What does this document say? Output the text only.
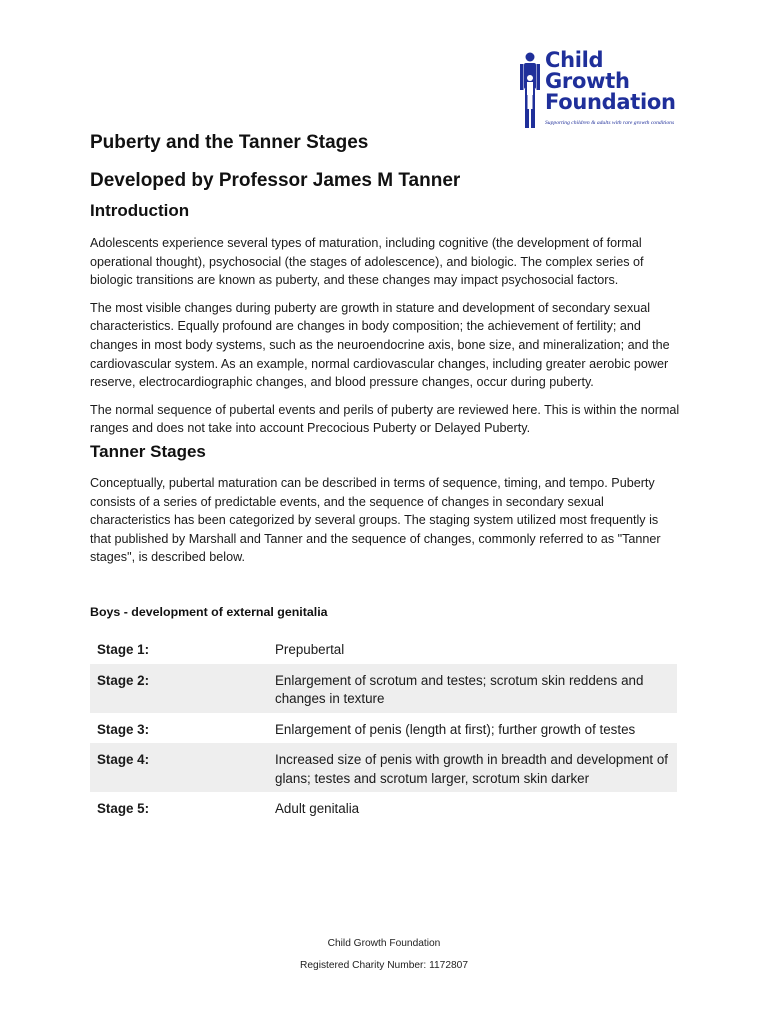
Child
Growth
Foundation
Supporting children & adults with rare growth conditions
Puberty and the Tanner Stages
Developed by Professor James M Tanner
Introduction

Adolescents experience several types of maturation, including cognitive (the development of formal operational thought), psychosocial (the stages of adolescence), and biologic. The complex series of biologic transitions are known as puberty, and these changes may impact psychosocial factors.

The most visible changes during puberty are growth in stature and development of secondary sexual characteristics. Equally profound are changes in body composition; the achievement of fertility; and changes in most body systems, such as the neuroendocrine axis, bone size, and mineralization; and the cardiovascular system. As an example, normal cardiovascular changes, including greater aerobic power reserve, electrocardiographic changes, and blood pressure changes, occur during puberty.

The normal sequence of pubertal events and perils of puberty are reviewed here. This is within the normal ranges and does not take into account Precocious Puberty or Delayed Puberty.

Tanner Stages

Conceptually, pubertal maturation can be described in terms of sequence, timing, and tempo. Puberty consists of a series of predictable events, and the sequence of changes in secondary sexual characteristics has been categorized by several groups. The staging system utilized most frequently is that published by Marshall and Tanner and the sequence of changes, commonly referred to as "Tanner stages", is described below.

Boys - development of external genitalia
Stage 1:	Prepubertal
Stage 2:	Enlargement of scrotum and testes; scrotum skin reddens and changes in texture
Stage 3:	Enlargement of penis (length at first); further growth of testes
Stage 4:	Increased size of penis with growth in breadth and development of glans; testes and scrotum larger, scrotum skin darker
Stage 5:	Adult genitalia
Child Growth Foundation
Registered Charity Number: 1172807
